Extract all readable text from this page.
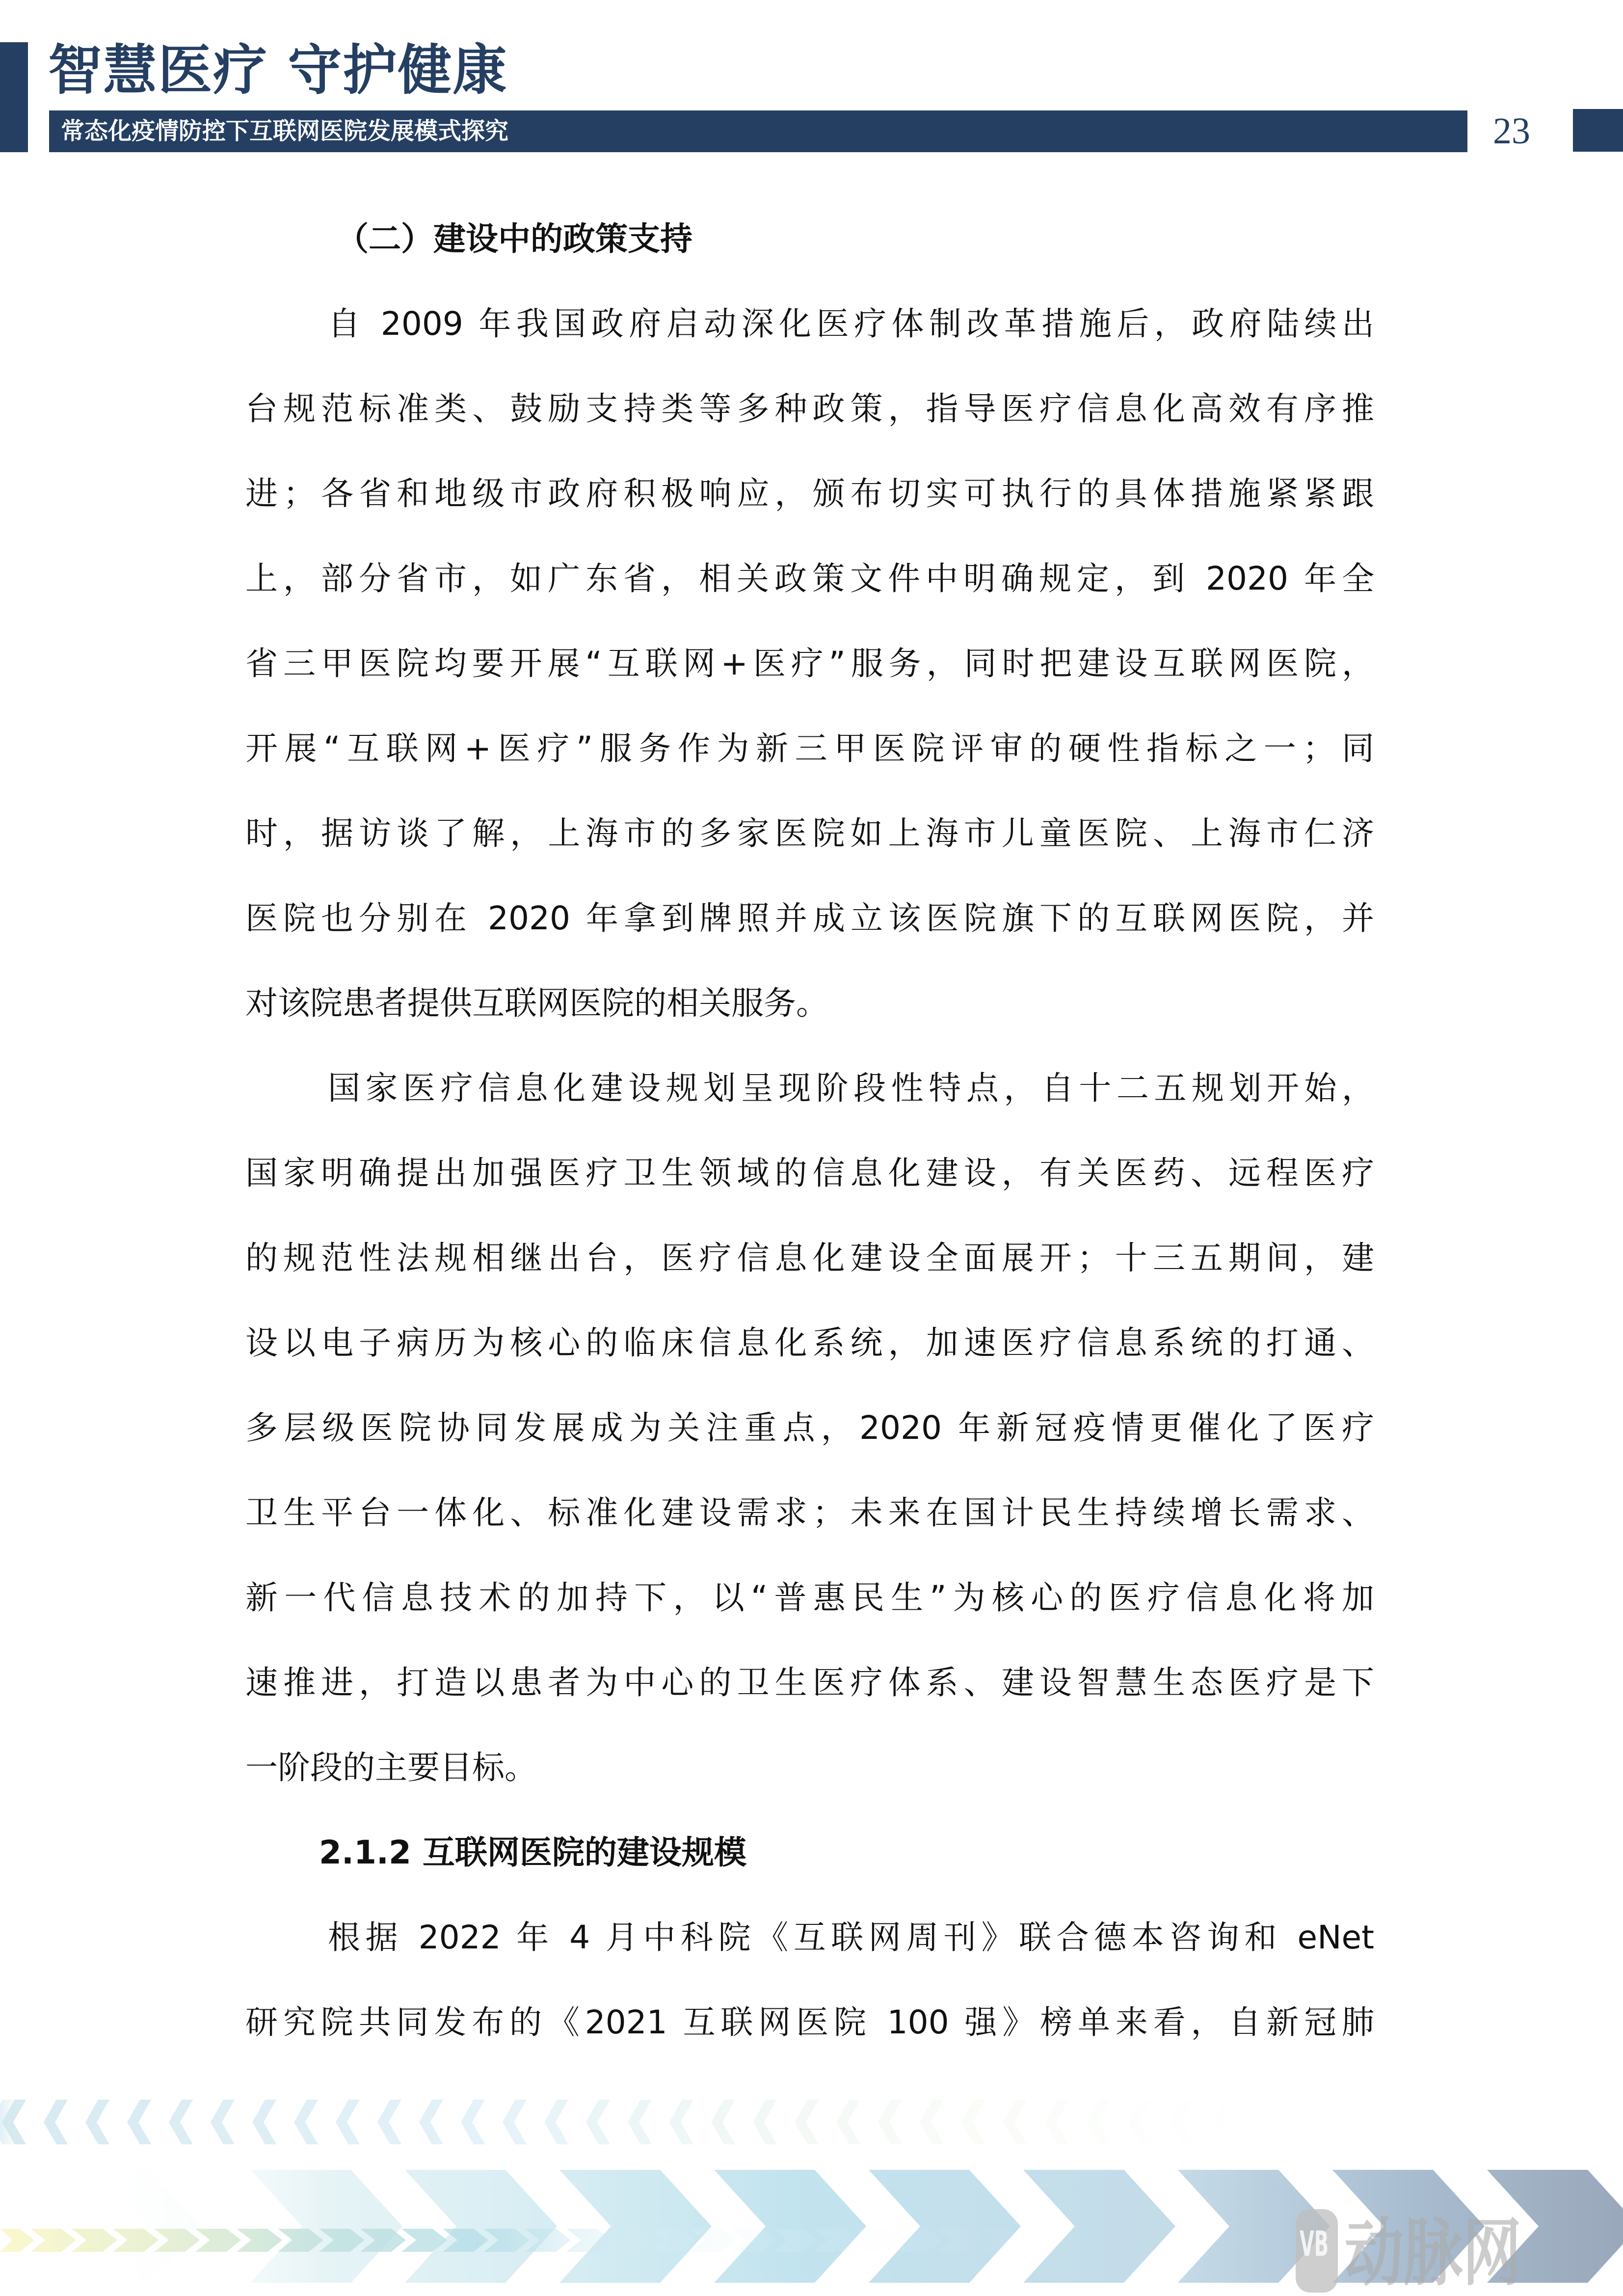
智慧医疗 守护健康
常态化疫情防控下互联网医院发展模式探究	23
（二）建设中的政策支持
自 2009 年我国政府启动深化医疗体制改革措施后，政府陆续出
台规范标准类、鼓励支持类等多种政策，指导医疗信息化高效有序推
进；各省和地级市政府积极响应，颁布切实可执行的具体措施紧紧跟
上，部分省市，如广东省，相关政策文件中明确规定，到 2020 年全
省三甲医院均要开展“互联网+医疗”服务，同时把建设互联网医院，
开展“互联网+医疗”服务作为新三甲医院评审的硬性指标之一；同
时，据访谈了解，上海市的多家医院如上海市儿童医院、上海市仁济
医院也分别在 2020 年拿到牌照并成立该医院旗下的互联网医院，并
对该院患者提供互联网医院的相关服务。
国家医疗信息化建设规划呈现阶段性特点，自十二五规划开始，
国家明确提出加强医疗卫生领域的信息化建设，有关医药、远程医疗
的规范性法规相继出台，医疗信息化建设全面展开；十三五期间，建
设以电子病历为核心的临床信息化系统，加速医疗信息系统的打通、
多层级医院协同发展成为关注重点，2020 年新冠疫情更催化了医疗
卫生平台一体化、标准化建设需求；未来在国计民生持续增长需求、
新一代信息技术的加持下，以“普惠民生”为核心的医疗信息化将加
速推进，打造以患者为中心的卫生医疗体系、建设智慧生态医疗是下
一阶段的主要目标。
2.1.2 互联网医院的建设规模
根据 2022 年 4 月中科院《互联网周刊》联合德本咨询和 eNet
研究院共同发布的《2021 互联网医院 100 强》榜单来看，自新冠肺
VB 动脉网
